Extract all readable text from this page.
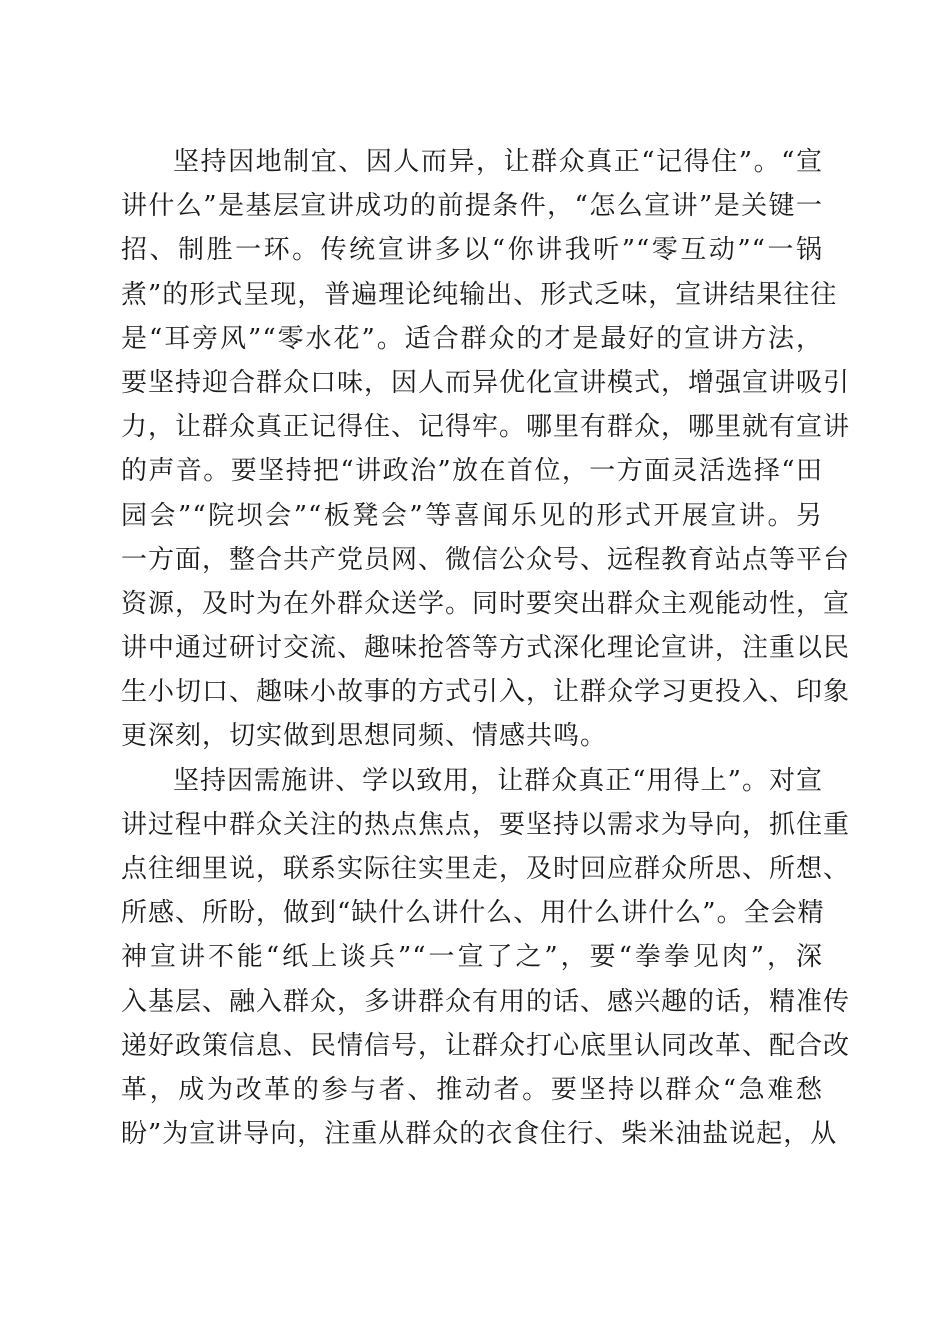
坚持因地制宜、因人而异，让群众真正“记得住”。“宣
讲什么”是基层宣讲成功的前提条件，“怎么宣讲”是关键一
招、制胜一环。传统宣讲多以“你讲我听”“零互动”“一锅
煮”的形式呈现，普遍理论纯输出、形式乏味，宣讲结果往往
是“耳旁风”“零水花”。适合群众的才是最好的宣讲方法，
要坚持迎合群众口味，因人而异优化宣讲模式，增强宣讲吸引
力，让群众真正记得住、记得牢。哪里有群众，哪里就有宣讲
的声音。要坚持把“讲政治”放在首位，一方面灵活选择“田
园会”“院坝会”“板凳会”等喜闻乐见的形式开展宣讲。另
一方面，整合共产党员网、微信公众号、远程教育站点等平台
资源，及时为在外群众送学。同时要突出群众主观能动性，宣
讲中通过研讨交流、趣味抢答等方式深化理论宣讲，注重以民
生小切口、趣味小故事的方式引入，让群众学习更投入、印象
更深刻，切实做到思想同频、情感共鸣。
坚持因需施讲、学以致用，让群众真正“用得上”。对宣
讲过程中群众关注的热点焦点，要坚持以需求为导向，抓住重
点往细里说，联系实际往实里走，及时回应群众所思、所想、
所感、所盼，做到“缺什么讲什么、用什么讲什么”。全会精
神宣讲不能“纸上谈兵”“一宣了之”，要“拳拳见肉”，深
入基层、融入群众，多讲群众有用的话、感兴趣的话，精准传
递好政策信息、民情信号，让群众打心底里认同改革、配合改
革，成为改革的参与者、推动者。要坚持以群众“急难愁
盼”为宣讲导向，注重从群众的衣食住行、柴米油盐说起，从
